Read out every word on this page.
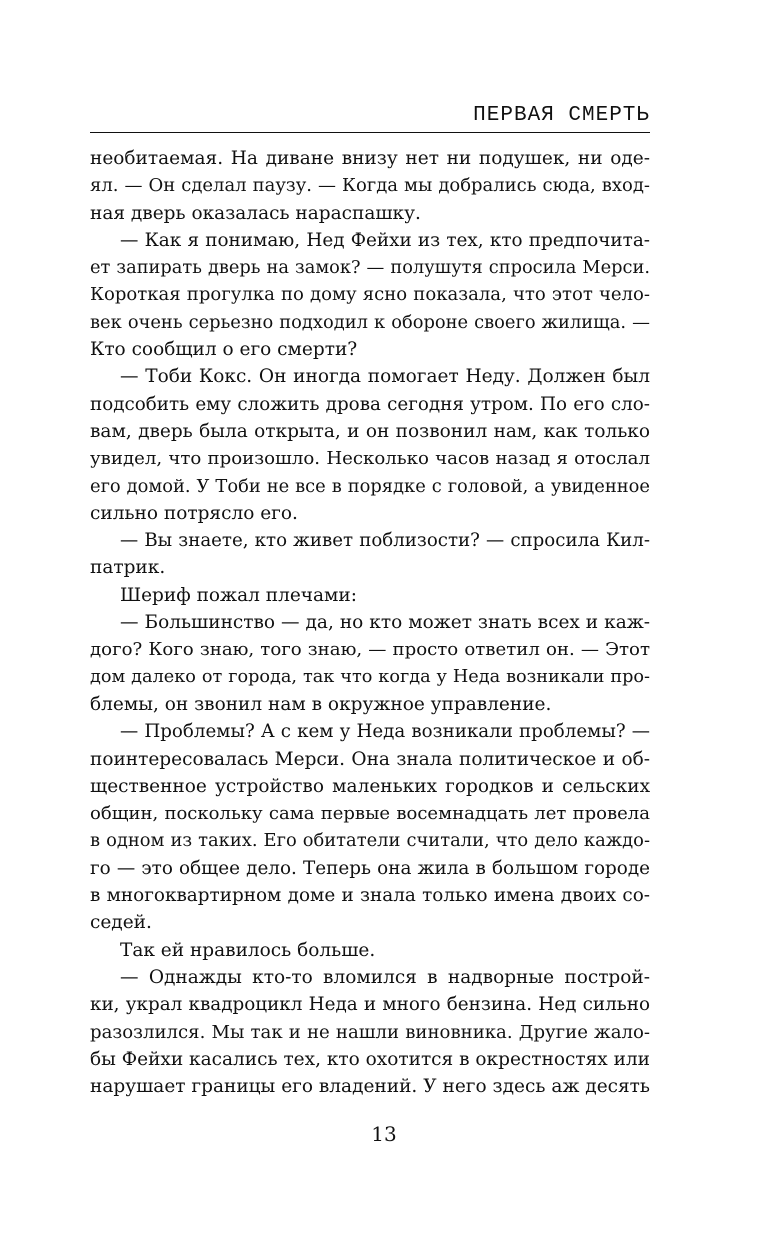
ПЕРВАЯ СМЕРТЬ
необитаемая. На диване внизу нет ни подушек, ни оде-
ял. — Он сделал паузу. — Когда мы добрались сюда, вход-
ная дверь оказалась нараспашку.
— Как я понимаю, Нед Фейхи из тех, кто предпочита-
ет запирать дверь на замок? — полушутя спросила Мерси.
Короткая прогулка по дому ясно показала, что этот чело-
век очень серьезно подходил к обороне своего жилища. —
Кто сообщил о его смерти?
— Тоби Кокс. Он иногда помогает Неду. Должен был
подсобить ему сложить дрова сегодня утром. По его сло-
вам, дверь была открыта, и он позвонил нам, как только
увидел, что произошло. Несколько часов назад я отослал
его домой. У Тоби не все в порядке с головой, а увиденное
сильно потрясло его.
— Вы знаете, кто живет поблизости? — спросила Кил-
патрик.
Шериф пожал плечами:
— Большинство — да, но кто может знать всех и каж-
дого? Кого знаю, того знаю, — просто ответил он. — Этот
дом далеко от города, так что когда у Неда возникали про-
блемы, он звонил нам в окружное управление.
— Проблемы? А с кем у Неда возникали проблемы? —
поинтересовалась Мерси. Она знала политическое и об-
щественное устройство маленьких городков и сельских
общин, поскольку сама первые восемнадцать лет провела
в одном из таких. Его обитатели считали, что дело каждо-
го — это общее дело. Теперь она жила в большом городе
в многоквартирном доме и знала только имена двоих со-
седей.
Так ей нравилось больше.
— Однажды кто-то вломился в надворные построй-
ки, украл квадроцикл Неда и много бензина. Нед сильно
разозлился. Мы так и не нашли виновника. Другие жало-
бы Фейхи касались тех, кто охотится в окрестностях или
нарушает границы его владений. У него здесь аж десять
13
